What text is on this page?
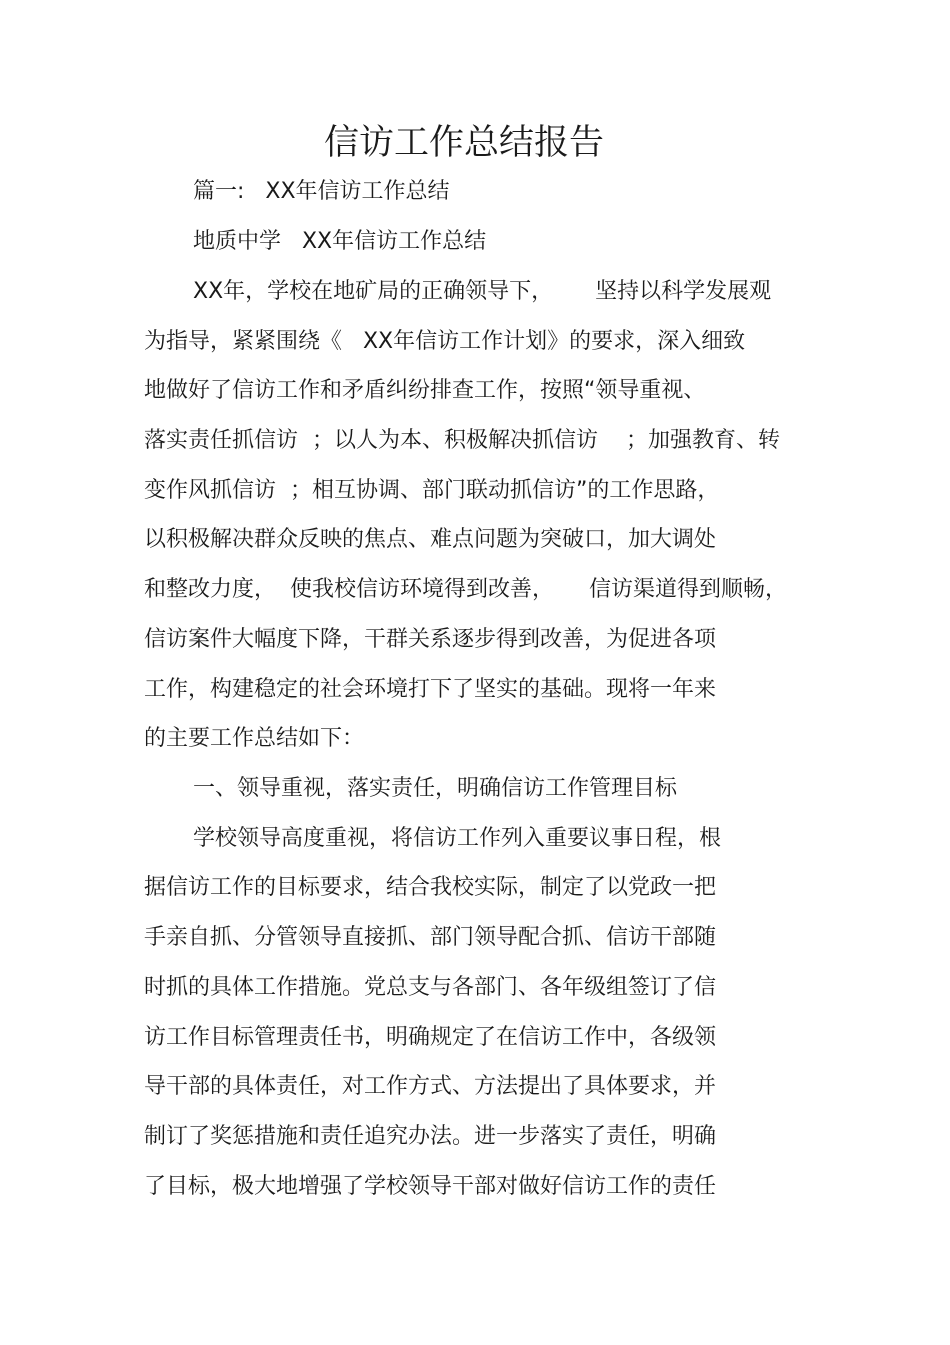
信访工作总结报告
篇一:   XX年信访工作总结
地质中学   XX年信访工作总结
XX年，学校在地矿局的正确领导下，      坚持以科学发展观
为指导，紧紧围绕《   XX年信访工作计划》的要求，深入细致
地做好了信访工作和矛盾纠纷排查工作，按照“领导重视、
落实责任抓信访  ；以人为本、积极解决抓信访    ；加强教育、转
变作风抓信访  ；相互协调、部门联动抓信访”的工作思路，
以积极解决群众反映的焦点、难点问题为突破口，加大调处
和整改力度，  使我校信访环境得到改善，     信访渠道得到顺畅，
信访案件大幅度下降，干群关系逐步得到改善，为促进各项
工作，构建稳定的社会环境打下了坚实的基础。现将一年来
的主要工作总结如下：
一、领导重视，落实责任，明确信访工作管理目标
学校领导高度重视，将信访工作列入重要议事日程，根
据信访工作的目标要求，结合我校实际，制定了以党政一把
手亲自抓、分管领导直接抓、部门领导配合抓、信访干部随
时抓的具体工作措施。党总支与各部门、各年级组签订了信
访工作目标管理责任书，明确规定了在信访工作中，各级领
导干部的具体责任，对工作方式、方法提出了具体要求，并
制订了奖惩措施和责任追究办法。进一步落实了责任，明确
了目标，极大地增强了学校领导干部对做好信访工作的责任
